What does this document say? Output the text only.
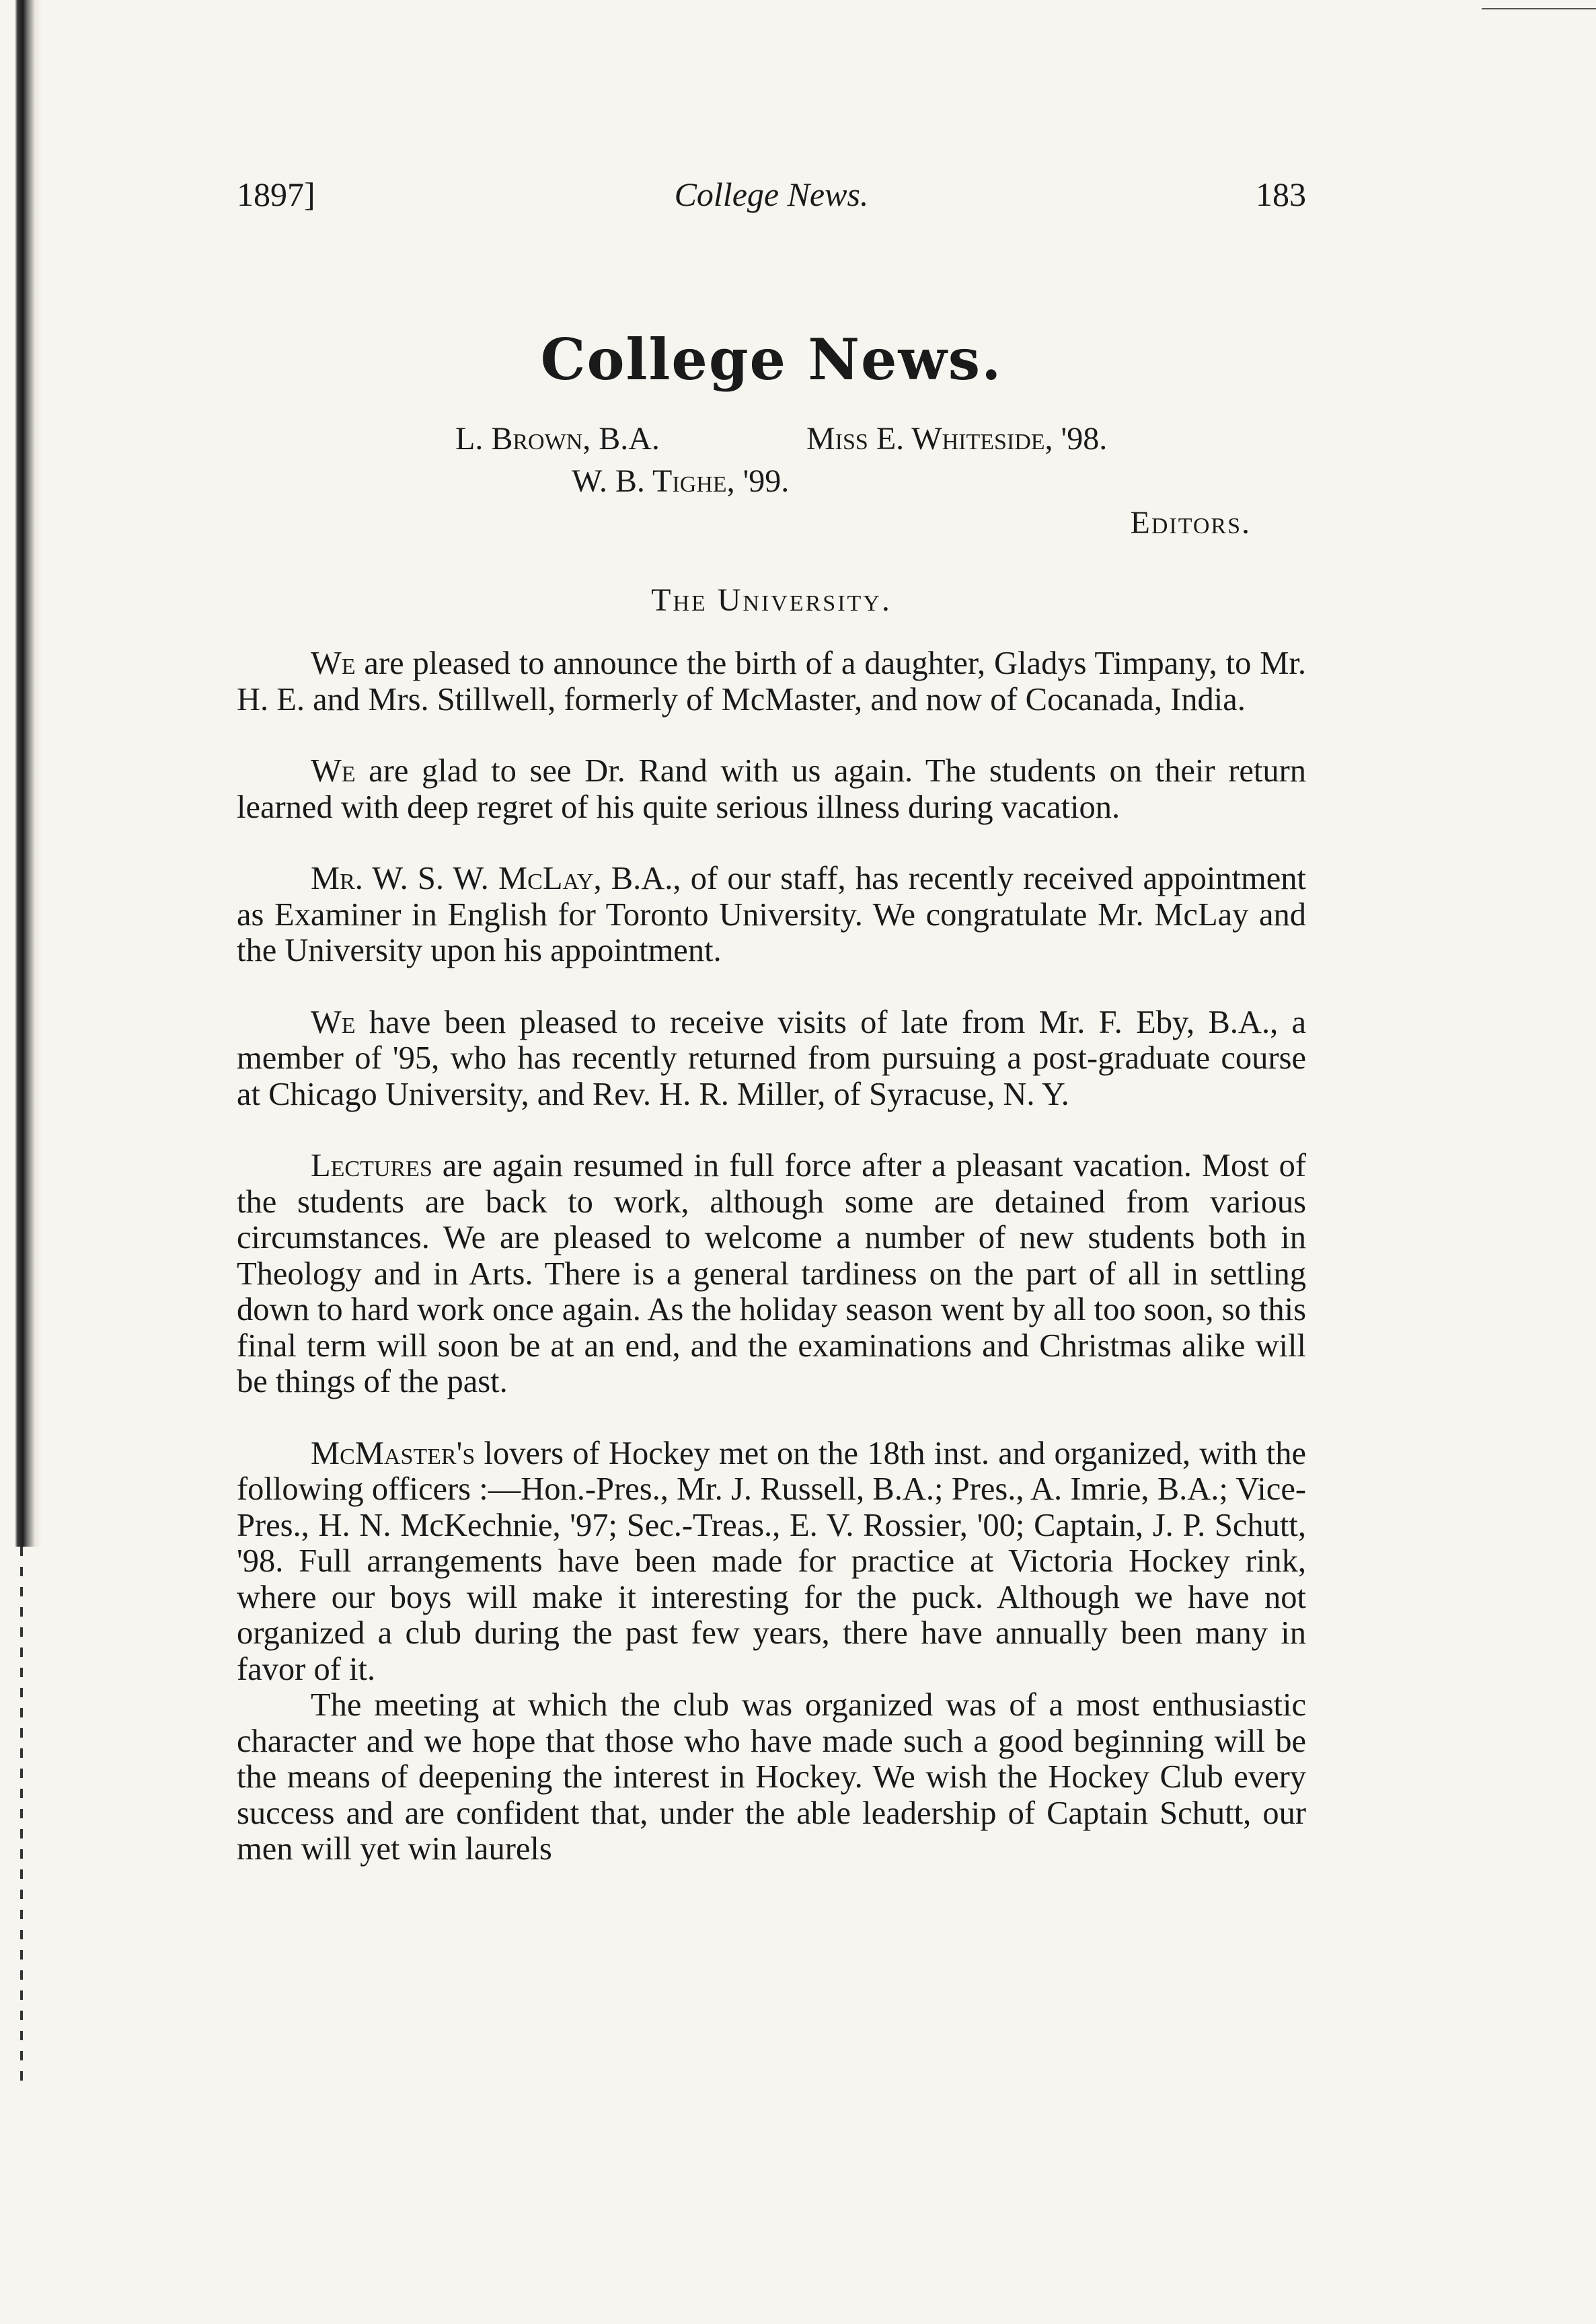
1897]	College News.	183
College News.
L. Brown, B.A.	Miss E. Whiteside, '98.
W. B. Tighe, '99.
Editors.
The University.

We are pleased to announce the birth of a daughter, Gladys Timpany, to Mr. H. E. and Mrs. Stillwell, formerly of McMaster, and now of Cocanada, India.

We are glad to see Dr. Rand with us again. The students on their return learned with deep regret of his quite serious illness during vacation.

Mr. W. S. W. McLay, B.A., of our staff, has recently received appointment as Examiner in English for Toronto University. We congratulate Mr. McLay and the University upon his appointment.

We have been pleased to receive visits of late from Mr. F. Eby, B.A., a member of '95, who has recently returned from pursuing a post-graduate course at Chicago University, and Rev. H. R. Miller, of Syracuse, N. Y.

Lectures are again resumed in full force after a pleasant vacation. Most of the students are back to work, although some are detained from various circumstances. We are pleased to welcome a number of new students both in Theology and in Arts. There is a general tardiness on the part of all in settling down to hard work once again. As the holiday season went by all too soon, so this final term will soon be at an end, and the examinations and Christmas alike will be things of the past.

McMaster's lovers of Hockey met on the 18th inst. and organized, with the following officers :—Hon.-Pres., Mr. J. Russell, B.A.; Pres., A. Imrie, B.A.; Vice-Pres., H. N. McKechnie, '97; Sec.-Treas., E. V. Rossier, '00; Captain, J. P. Schutt, '98. Full arrangements have been made for practice at Victoria Hockey rink, where our boys will make it interesting for the puck. Although we have not organized a club during the past few years, there have annually been many in favor of it.

The meeting at which the club was organized was of a most enthusiastic character and we hope that those who have made such a good beginning will be the means of deepening the interest in Hockey. We wish the Hockey Club every success and are confident that, under the able leadership of Captain Schutt, our men will yet win laurels
